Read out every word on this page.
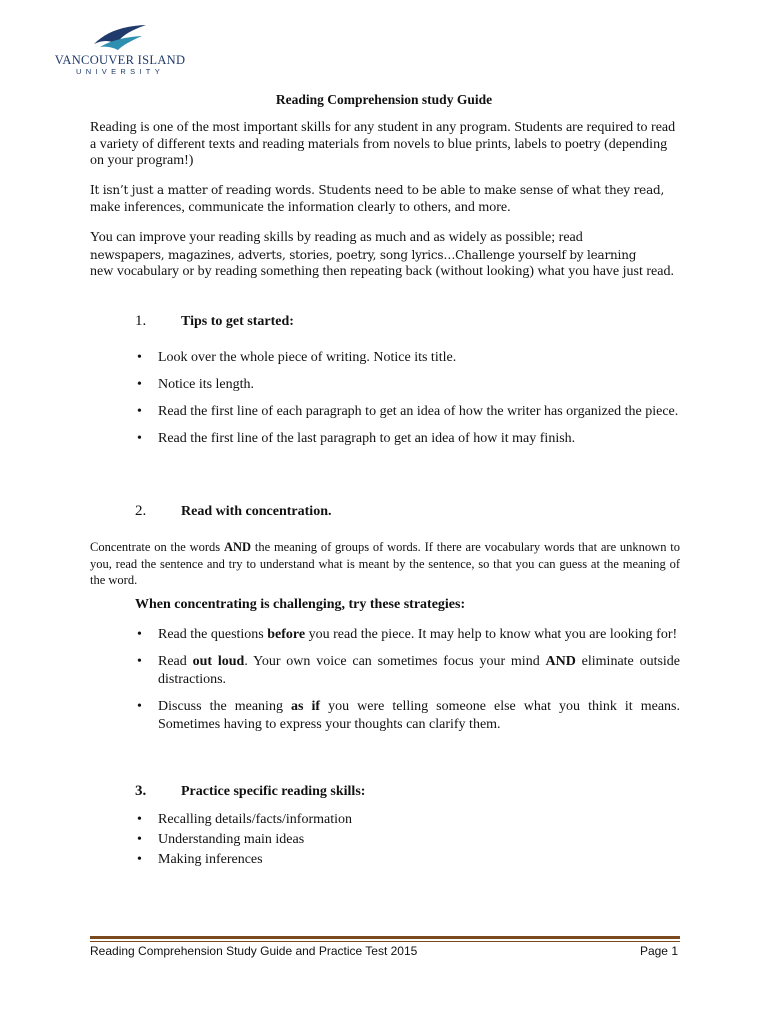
VANCOUVER ISLAND
UNIVERSITY
Reading Comprehension study Guide
Reading is one of the most important skills for any student in any program. Students are required to read a variety of different texts and reading materials from novels to blue prints, labels to poetry (depending on your program!)
It isn’t just a matter of reading words. Students need to be able to make sense of what they read,
make inferences, communicate the information clearly to others, and more.
You can improve your reading skills by reading as much and as widely as possible; read
newspapers, magazines, adverts, stories, poetry, song lyrics…Challenge yourself by learning
new vocabulary or by reading something then repeating back (without looking) what you have just read.
1. Tips to get started:
• Look over the whole piece of writing. Notice its title.
• Notice its length.
• Read the first line of each paragraph to get an idea of how the writer has organized the piece.
• Read the first line of the last paragraph to get an idea of how it may finish.
2. Read with concentration.
Concentrate on the words AND the meaning of groups of words. If there are vocabulary words that are unknown to you, read the sentence and try to understand what is meant by the sentence, so that you can guess at the meaning of the word.
When concentrating is challenging, try these strategies:
• Read the questions before you read the piece. It may help to know what you are looking for!
• Read out loud. Your own voice can sometimes focus your mind AND eliminate outside distractions.
• Discuss the meaning as if you were telling someone else what you think it means. Sometimes having to express your thoughts can clarify them.
3. Practice specific reading skills:
• Recalling details/facts/information
• Understanding main ideas
• Making inferences
Reading Comprehension Study Guide and Practice Test 2015	Page 1
